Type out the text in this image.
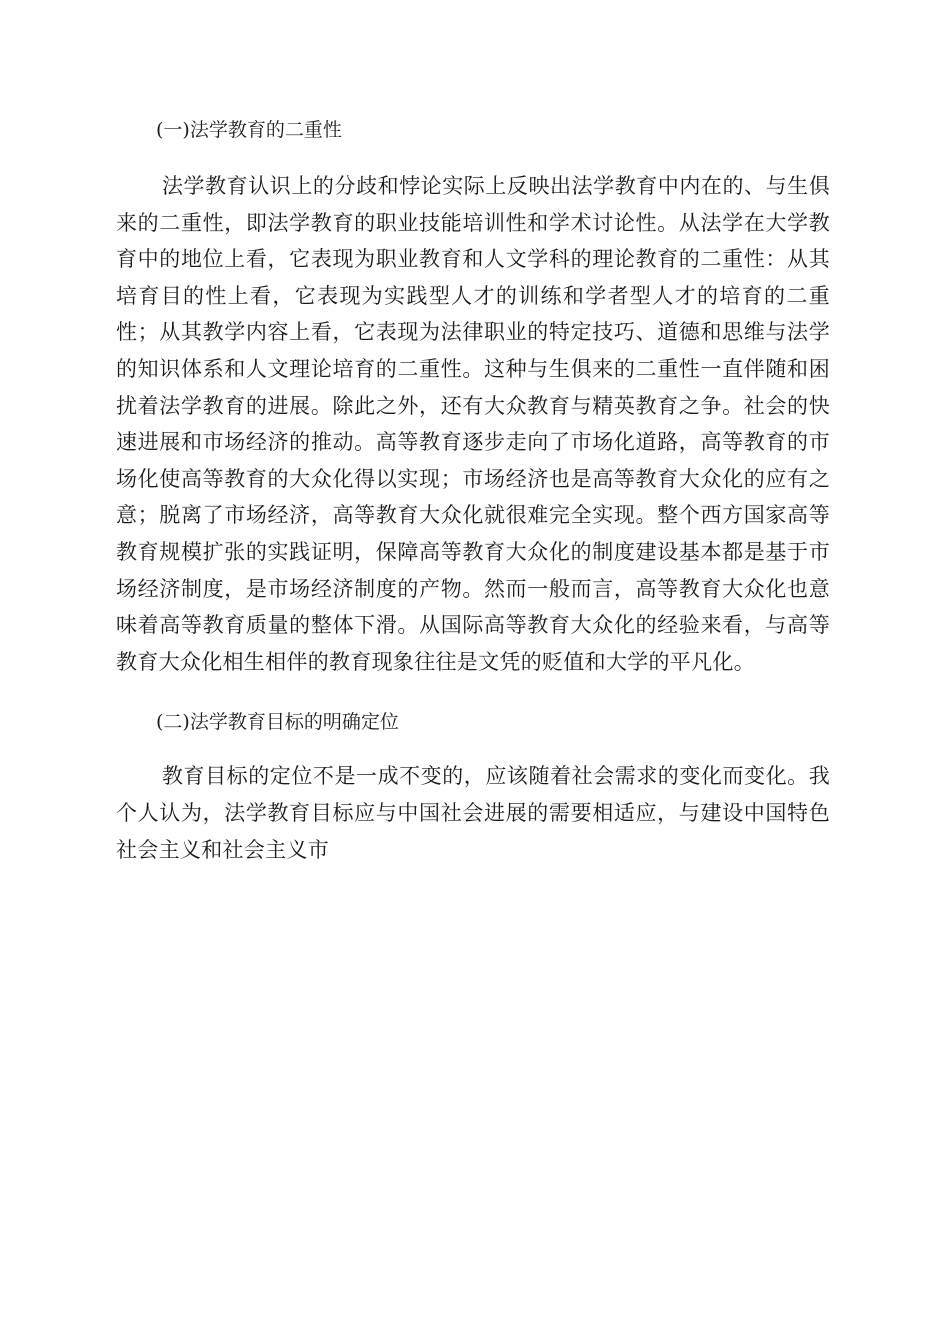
(一)法学教育的二重性

法学教育认识上的分歧和悖论实际上反映出法学教育中内在的、与生俱来的二重性，即法学教育的职业技能培训性和学术讨论性。从法学在大学教育中的地位上看，它表现为职业教育和人文学科的理论教育的二重性：从其培育目的性上看，它表现为实践型人才的训练和学者型人才的培育的二重性；从其教学内容上看，它表现为法律职业的特定技巧、道德和思维与法学的知识体系和人文理论培育的二重性。这种与生俱来的二重性一直伴随和困扰着法学教育的进展。除此之外，还有大众教育与精英教育之争。社会的快速进展和市场经济的推动。高等教育逐步走向了市场化道路，高等教育的市场化使高等教育的大众化得以实现；市场经济也是高等教育大众化的应有之意；脱离了市场经济，高等教育大众化就很难完全实现。整个西方国家高等教育规模扩张的实践证明，保障高等教育大众化的制度建设基本都是基于市场经济制度，是市场经济制度的产物。然而一般而言，高等教育大众化也意味着高等教育质量的整体下滑。从国际高等教育大众化的经验来看，与高等教育大众化相生相伴的教育现象往往是文凭的贬值和大学的平凡化。

(二)法学教育目标的明确定位

教育目标的定位不是一成不变的，应该随着社会需求的变化而变化。我个人认为，法学教育目标应与中国社会进展的需要相适应，与建设中国特色社会主义和社会主义市
